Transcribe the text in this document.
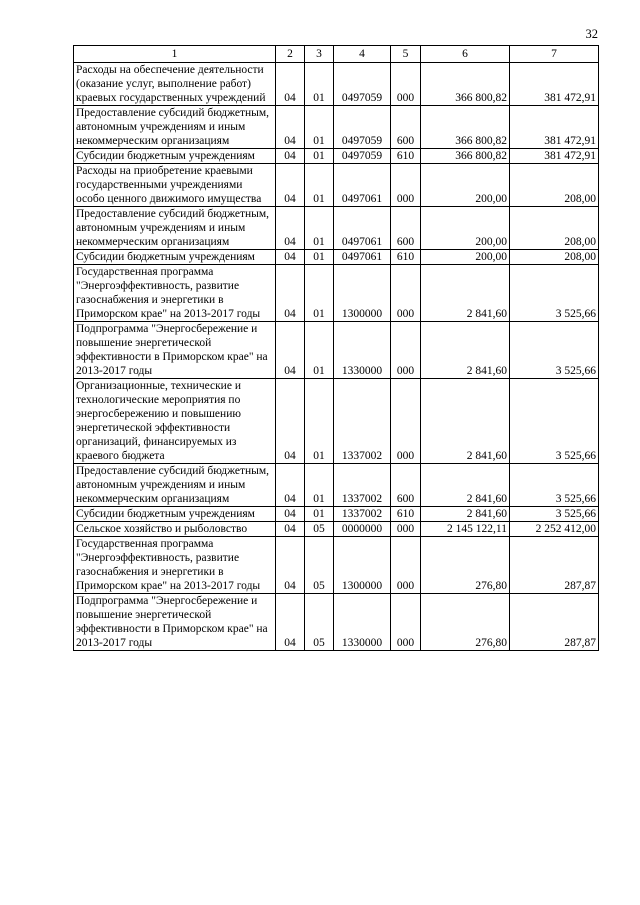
32
1	2	3	4	5	6	7
Расходы на обеспечение деятельности (оказание услуг, выполнение работ) краевых государственных учреждений	04	01	0497059	000	366 800,82	381 472,91
Предоставление субсидий бюджетным, автономным учреждениям и иным некоммерческим организациям	04	01	0497059	600	366 800,82	381 472,91
Субсидии бюджетным учреждениям	04	01	0497059	610	366 800,82	381 472,91
Расходы на приобретение краевыми государственными учреждениями особо ценного движимого имущества	04	01	0497061	000	200,00	208,00
Предоставление субсидий бюджетным, автономным учреждениям и иным некоммерческим организациям	04	01	0497061	600	200,00	208,00
Субсидии бюджетным учреждениям	04	01	0497061	610	200,00	208,00
Государственная программа "Энергоэффективность, развитие газоснабжения и энергетики в Приморском крае" на 2013-2017 годы	04	01	1300000	000	2 841,60	3 525,66
Подпрограмма "Энергосбережение и повышение энергетической эффективности в Приморском крае" на 2013-2017 годы	04	01	1330000	000	2 841,60	3 525,66
Организационные, технические и технологические мероприятия по энергосбережению и повышению энергетической эффективности организаций, финансируемых из краевого бюджета	04	01	1337002	000	2 841,60	3 525,66
Предоставление субсидий бюджетным, автономным учреждениям и иным некоммерческим организациям	04	01	1337002	600	2 841,60	3 525,66
Субсидии бюджетным учреждениям	04	01	1337002	610	2 841,60	3 525,66
Сельское хозяйство и рыболовство	04	05	0000000	000	2 145 122,11	2 252 412,00
Государственная программа "Энергоэффективность, развитие газоснабжения и энергетики в Приморском крае" на 2013-2017 годы	04	05	1300000	000	276,80	287,87
Подпрограмма "Энергосбережение и повышение энергетической эффективности в Приморском крае" на 2013-2017 годы	04	05	1330000	000	276,80	287,87
